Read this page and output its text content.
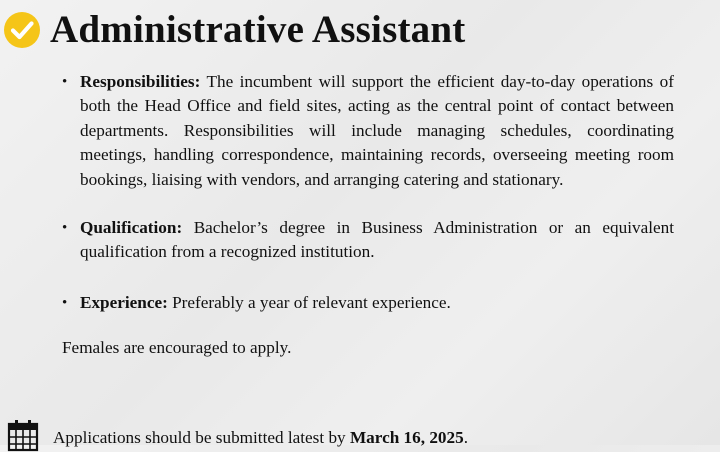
Administrative Assistant
• Responsibilities: The incumbent will support the efficient day-to-day operations of both the Head Office and field sites, acting as the central point of contact between departments. Responsibilities will include managing schedules, coordinating meetings, handling correspondence, maintaining records, overseeing meeting room bookings, liaising with vendors, and arranging catering and stationary.
• Qualification: Bachelor’s degree in Business Administration or an equivalent qualification from a recognized institution.
• Experience: Preferably a year of relevant experience.
Females are encouraged to apply.
Applications should be submitted latest by March 16, 2025.
